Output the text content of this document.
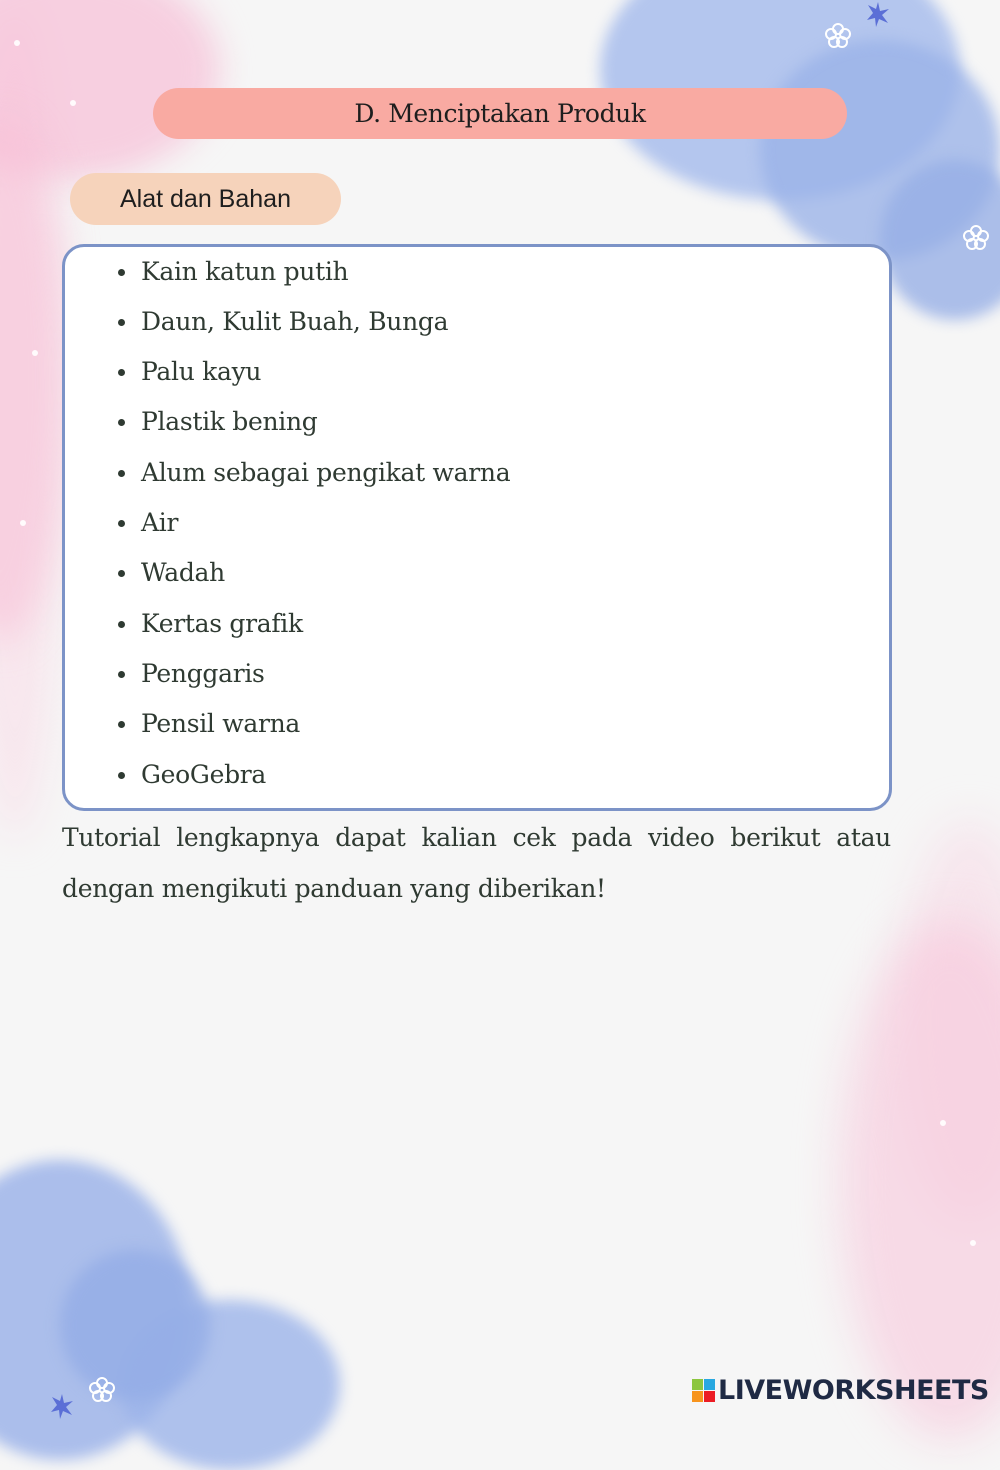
D. Menciptakan Produk
Alat dan Bahan
Kain katun putih
Daun, Kulit Buah, Bunga
Palu kayu
Plastik bening
Alum sebagai pengikat warna
Air
Wadah
Kertas grafik
Penggaris
Pensil warna
GeoGebra

Tutorial lengkapnya dapat kalian cek pada video berikut atau dengan mengikuti panduan yang diberikan!

LIVEWORKSHEETS
